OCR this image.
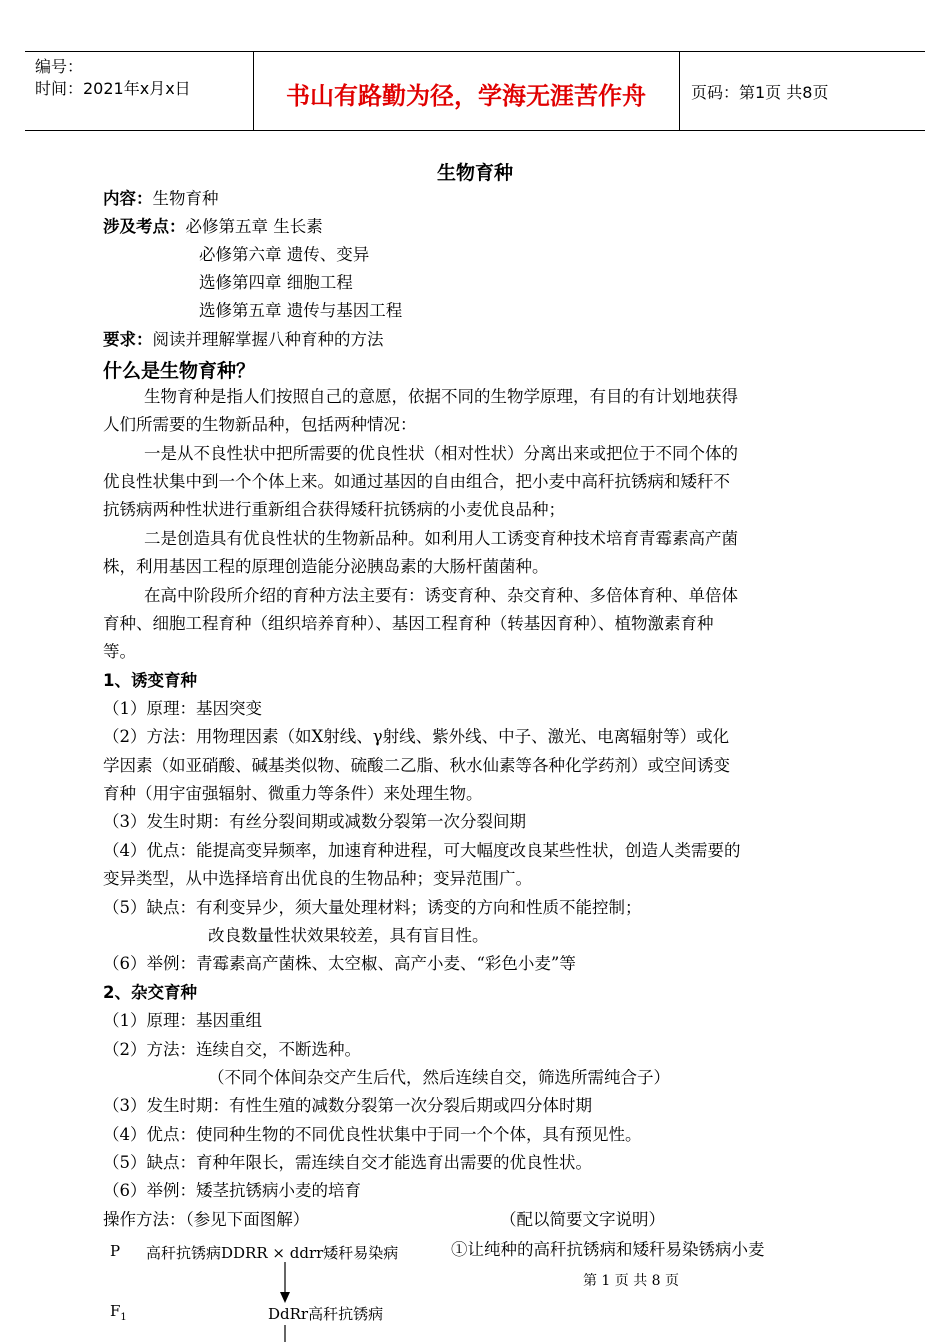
编号：
时间：2021年x月x日	书山有路勤为径，学海无涯苦作舟	页码：第1页 共8页
生物育种
内容：生物育种
涉及考点：必修第五章 生长素
必修第六章 遗传、变异
选修第四章 细胞工程
选修第五章 遗传与基因工程
要求：阅读并理解掌握八种育种的方法
什么是生物育种？
生物育种是指人们按照自己的意愿，依据不同的生物学原理，有目的有计划地获得
人们所需要的生物新品种，包括两种情况：
一是从不良性状中把所需要的优良性状（相对性状）分离出来或把位于不同个体的
优良性状集中到一个个体上来。如通过基因的自由组合，把小麦中高秆抗锈病和矮秆不
抗锈病两种性状进行重新组合获得矮秆抗锈病的小麦优良品种；
二是创造具有优良性状的生物新品种。如利用人工诱变育种技术培育青霉素高产菌
株，利用基因工程的原理创造能分泌胰岛素的大肠杆菌菌种。
在高中阶段所介绍的育种方法主要有：诱变育种、杂交育种、多倍体育种、单倍体
育种、细胞工程育种（组织培养育种）、基因工程育种（转基因育种）、植物激素育种
等。
1、诱变育种
（1）原理：基因突变
（2）方法：用物理因素（如X射线、γ射线、紫外线、中子、激光、电离辐射等）或化
学因素（如亚硝酸、碱基类似物、硫酸二乙脂、秋水仙素等各种化学药剂）或空间诱变
育种（用宇宙强辐射、微重力等条件）来处理生物。
（3）发生时期：有丝分裂间期或减数分裂第一次分裂间期
（4）优点：能提高变异频率，加速育种进程，可大幅度改良某些性状，创造人类需要的
变异类型，从中选择培育出优良的生物品种；变异范围广。
（5）缺点：有利变异少，须大量处理材料；诱变的方向和性质不能控制；
改良数量性状效果较差，具有盲目性。
（6）举例：青霉素高产菌株、太空椒、高产小麦、“彩色小麦”等
2、杂交育种
（1）原理：基因重组
（2）方法：连续自交，不断选种。
（不同个体间杂交产生后代，然后连续自交，筛选所需纯合子）
（3）发生时期：有性生殖的减数分裂第一次分裂后期或四分体时期
（4）优点：使同种生物的不同优良性状集中于同一个个体，具有预见性。
（5）缺点：育种年限长，需连续自交才能选育出需要的优良性状。
（6）举例：矮茎抗锈病小麦的培育
操作方法：（参见下面图解）	（配以简要文字说明）
P 高秆抗锈病DDRR × ddrr矮秆易染病	①让纯种的高秆抗锈病和矮秆易染锈病小麦
$F_1$	DdRr高秆抗锈病
第 1 页 共 8 页
